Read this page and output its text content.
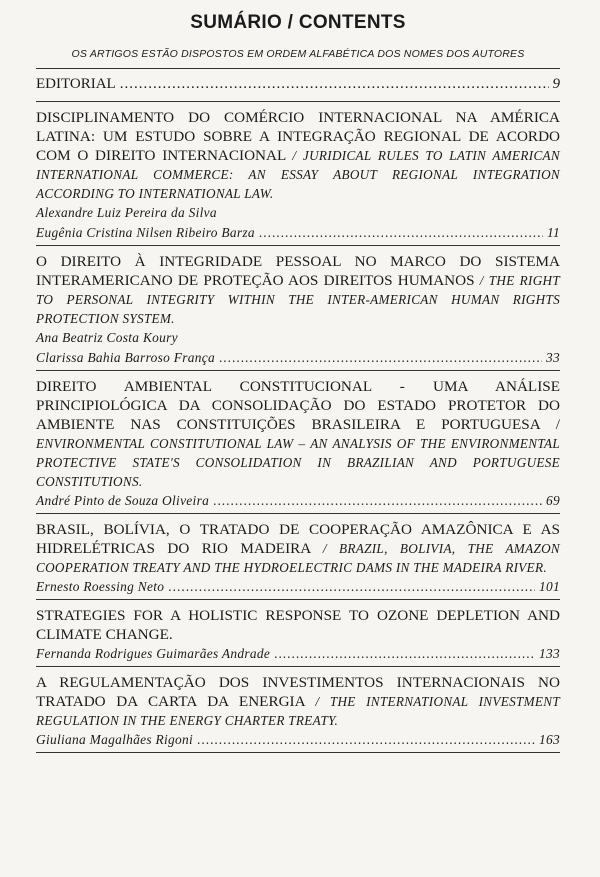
SUMÁRIO / CONTENTS
OS ARTIGOS ESTÃO DISPOSTOS EM ORDEM ALFABÉTICA DOS NOMES DOS AUTORES
EDITORIAL .....	9
DISCIPLINAMENTO DO COMÉRCIO INTERNACIONAL NA AMÉRICA LATINA: UM ESTUDO SOBRE A INTEGRAÇÃO REGIONAL DE ACORDO COM O DIREITO INTERNACIONAL / JURIDICAL RULES TO LATIN AMERICAN INTERNATIONAL COMMERCE: AN ESSAY ABOUT REGIONAL INTEGRATION ACCORDING TO INTERNATIONAL LAW.
Alexandre Luiz Pereira da Silva
Eugênia Cristina Nilsen Ribeiro Barza .....	11
O DIREITO À INTEGRIDADE PESSOAL NO MARCO DO SISTEMA INTERAMERICANO DE PROTEÇÃO AOS DIREITOS HUMANOS / THE RIGHT TO PERSONAL INTEGRITY WITHIN THE INTER-AMERICAN HUMAN RIGHTS PROTECTION SYSTEM.
Ana Beatriz Costa Koury
Clarissa Bahia Barroso França .....	33
DIREITO AMBIENTAL CONSTITUCIONAL - UMA ANÁLISE PRINCIPIOLÓGICA DA CONSOLIDAÇÃO DO ESTADO PROTETOR DO AMBIENTE NAS CONSTITUIÇÕES BRASILEIRA E PORTUGUESA / ENVIRONMENTAL CONSTITUTIONAL LAW – AN ANALYSIS OF THE ENVIRONMENTAL PROTECTIVE STATE'S CONSOLIDATION IN BRAZILIAN AND PORTUGUESE CONSTITUTIONS.
André Pinto de Souza Oliveira .....	69
BRASIL, BOLÍVIA, O TRATADO DE COOPERAÇÃO AMAZÔNICA E AS HIDRELÉTRICAS DO RIO MADEIRA / BRAZIL, BOLIVIA, THE AMAZON COOPERATION TREATY AND THE HYDROELECTRIC DAMS IN THE MADEIRA RIVER.
Ernesto Roessing Neto .....	101
STRATEGIES FOR A HOLISTIC RESPONSE TO OZONE DEPLETION AND CLIMATE CHANGE.
Fernanda Rodrigues Guimarães Andrade .....	133
A REGULAMENTAÇÃO DOS INVESTIMENTOS INTERNACIONAIS NO TRATADO DA CARTA DA ENERGIA / THE INTERNATIONAL INVESTMENT REGULATION IN THE ENERGY CHARTER TREATY.
Giuliana Magalhães Rigoni .....	163
